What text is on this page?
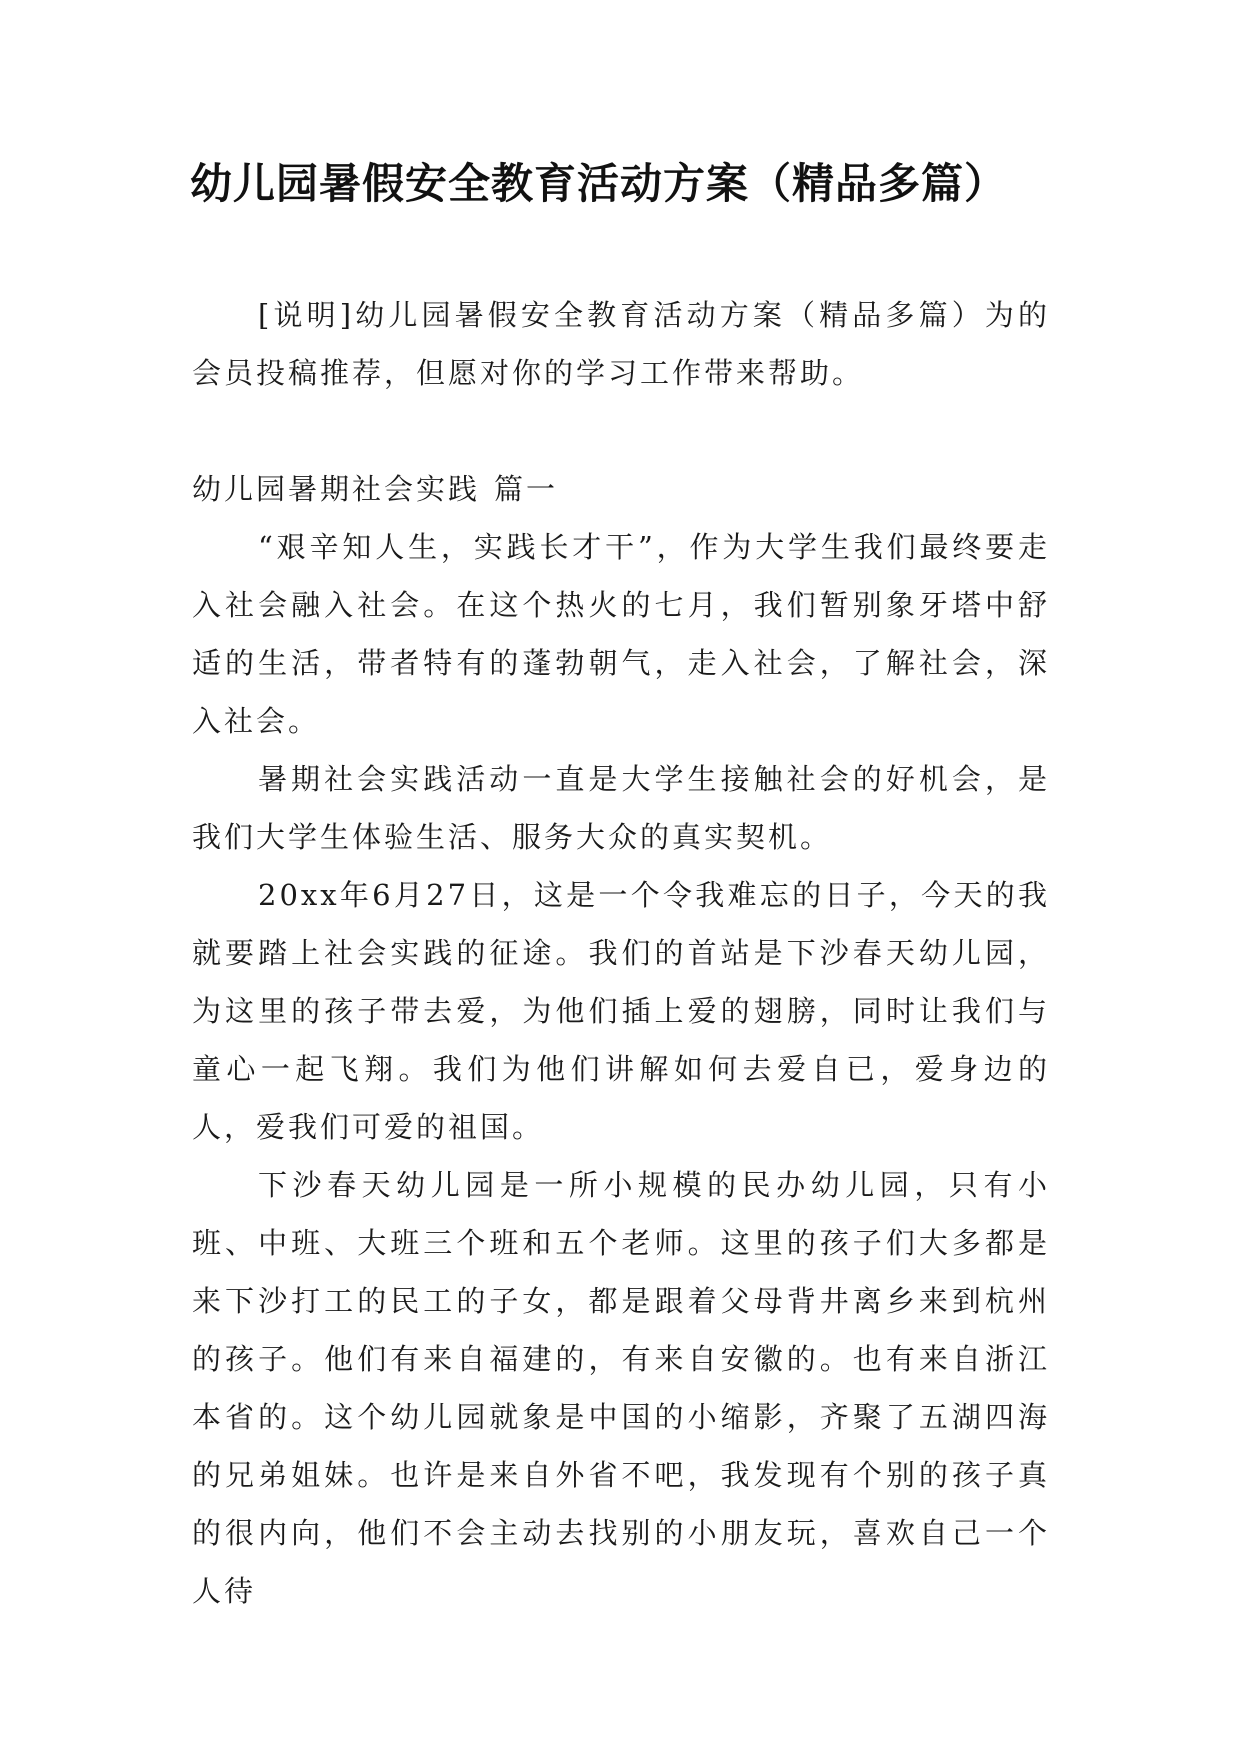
幼儿园暑假安全教育活动方案（精品多篇）

[说明]幼儿园暑假安全教育活动方案（精品多篇）为的会员投稿推荐，但愿对你的学习工作带来帮助。

幼儿园暑期社会实践 篇一

“艰辛知人生，实践长才干”，作为大学生我们最终要走入社会融入社会。在这个热火的七月，我们暂别象牙塔中舒适的生活，带者特有的蓬勃朝气，走入社会，了解社会，深入社会。

暑期社会实践活动一直是大学生接触社会的好机会，是我们大学生体验生活、服务大众的真实契机。

20xx年6月27日，这是一个令我难忘的日子，今天的我就要踏上社会实践的征途。我们的首站是下沙春天幼儿园，为这里的孩子带去爱，为他们插上爱的翅膀，同时让我们与童心一起飞翔。我们为他们讲解如何去爱自已，爱身边的人，爱我们可爱的祖国。

下沙春天幼儿园是一所小规模的民办幼儿园，只有小班、中班、大班三个班和五个老师。这里的孩子们大多都是来下沙打工的民工的子女，都是跟着父母背井离乡来到杭州的孩子。他们有来自福建的，有来自安徽的。也有来自浙江本省的。这个幼儿园就象是中国的小缩影，齐聚了五湖四海的兄弟姐妹。也许是来自外省不吧，我发现有个别的孩子真的很内向，他们不会主动去找别的小朋友玩，喜欢自己一个人待
